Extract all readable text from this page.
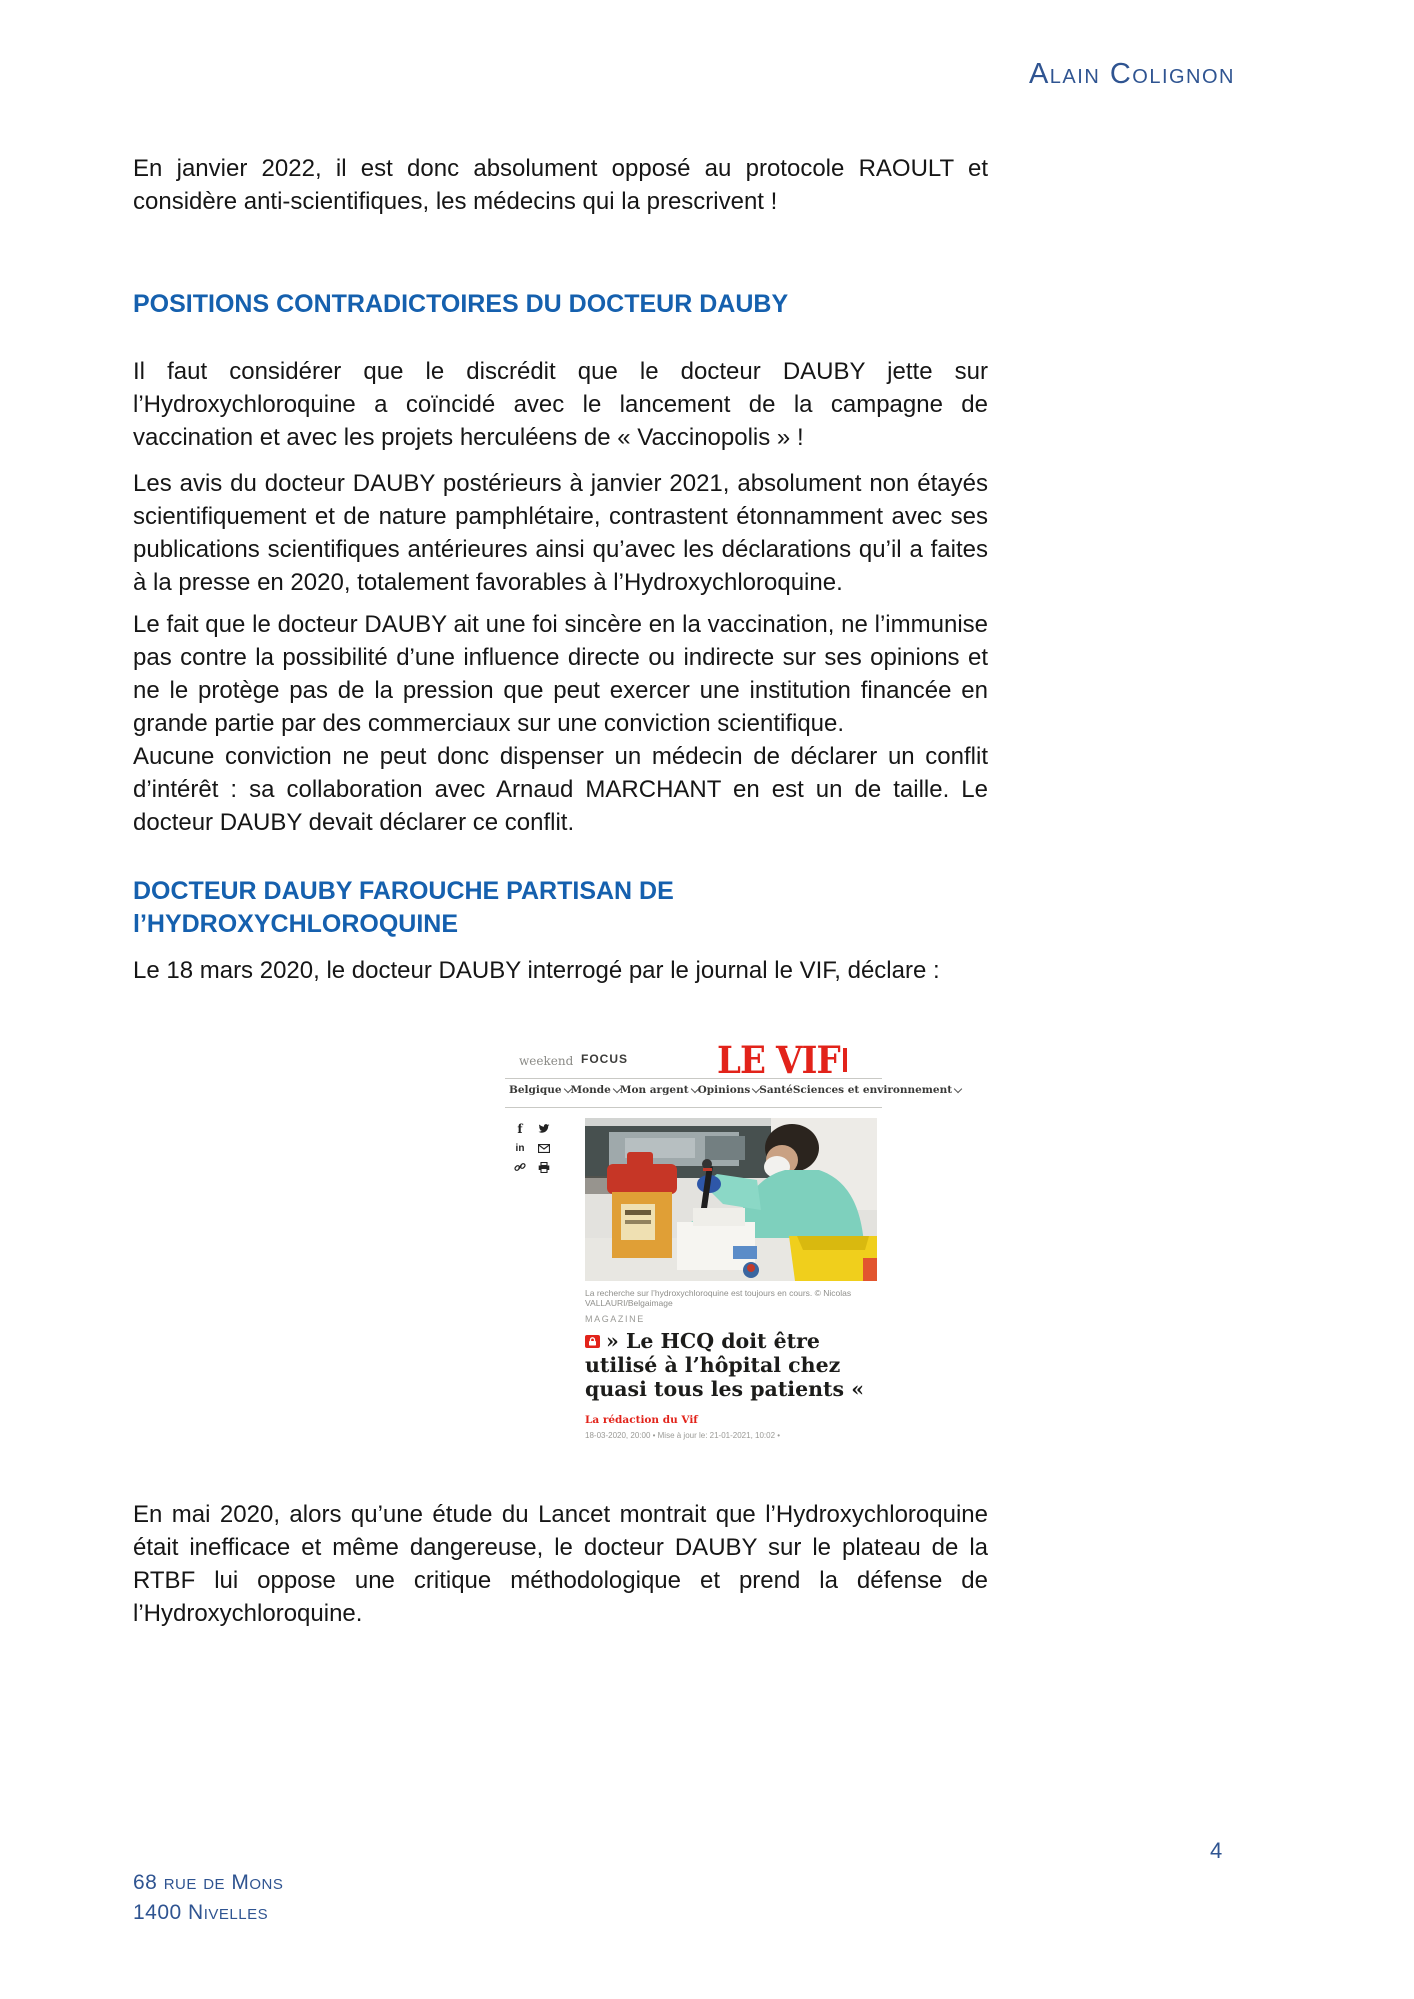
Alain Colignon

En janvier 2022, il est donc absolument opposé au protocole RAOULT et considère anti-scientifiques, les médecins qui la prescrivent !

POSITIONS CONTRADICTOIRES DU DOCTEUR DAUBY

Il faut considérer que le discrédit que le docteur DAUBY jette sur l’Hydroxychloroquine a coïncidé avec le lancement de la campagne de vaccination et avec les projets herculéens de « Vaccinopolis » !

Les avis du docteur DAUBY postérieurs à janvier 2021, absolument non étayés scientifiquement et de nature pamphlétaire, contrastent étonnamment avec ses publications scientifiques antérieures ainsi qu’avec les déclarations qu’il a faites à la presse en 2020, totalement favorables à l’Hydroxychloroquine.

Le fait que le docteur DAUBY ait une foi sincère en la vaccination, ne l’immunise pas contre la possibilité d’une influence directe ou indirecte sur ses opinions et ne le protège pas de la pression que peut exercer une institution financée en grande partie par des commerciaux sur une conviction scientifique.

Aucune conviction ne peut donc dispenser un médecin de déclarer un conflit d’intérêt : sa collaboration avec Arnaud MARCHANT en est un de taille. Le docteur DAUBY devait déclarer ce conflit.

DOCTEUR DAUBY FAROUCHE PARTISAN DE l’HYDROXYCHLOROQUINE

Le 18 mars 2020, le docteur DAUBY interrogé par le journal le VIF, déclare :

weekend FOCUS LE VIF
Belgique Monde Mon argent Opinions Santé Sciences et environnement
f
in
La recherche sur l’hydroxychloroquine est toujours en cours. © Nicolas VALLAURI/Belgaimage
MAGAZINE
» Le HCQ doit être utilisé à l’hôpital chez quasi tous les patients «
La rédaction du Vif
18-03-2020, 20:00 • Mise à jour le: 21-01-2021, 10:02 •

En mai 2020, alors qu’une étude du Lancet montrait que l’Hydroxychloroquine était inefficace et même dangereuse, le docteur DAUBY sur le plateau de la RTBF lui oppose une critique méthodologique et prend la défense de l’Hydroxychloroquine.

4
68 rue de Mons
1400 Nivelles
